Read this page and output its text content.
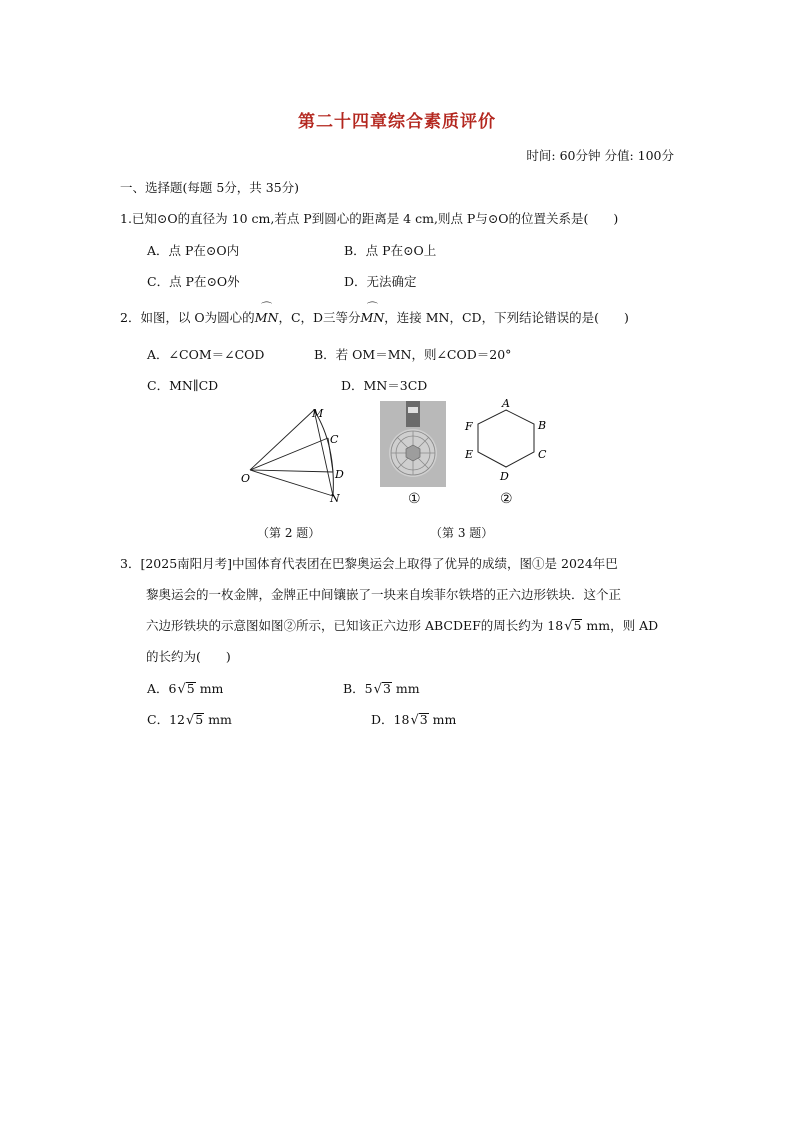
第二十四章综合素质评价
时间: 60分钟 分值: 100分
一、选择题(每题 5分，共 35分)
1.已知⊙O的直径为 10 cm,若点 P到圆心的距离是 4 cm,则点 P与⊙O的位置关系是(　　)
A．点 P在⊙O内	B．点 P在⊙O上
C．点 P在⊙O外	D．无法确定
2．如图，以 O为圆心的⌒ MN，C，D三等分⌒ MN，连接 MN，CD，下列结论错误的是(　　)
A．∠COM＝∠COD	B．若 OM＝MN，则∠COD＝20°
C．MN∥CD	D．MN＝3CD
M
C
O	D
N	①
A
B
C
D
E
F
②
（第 2 题）	（第 3 题）
3．[2025南阳月考]中国体育代表团在巴黎奥运会上取得了优异的成绩，图①是 2024年巴
黎奥运会的一枚金牌，金牌正中间镶嵌了一块来自埃菲尔铁塔的正六边形铁块．这个正
六边形铁块的示意图如图②所示，已知该正六边形 ABCDEF的周长约为 18√5 mm，则 AD
的长约为(　　)
A．6√5 mm	B．5√3 mm
C．12√5 mm	D．18√3 mm
